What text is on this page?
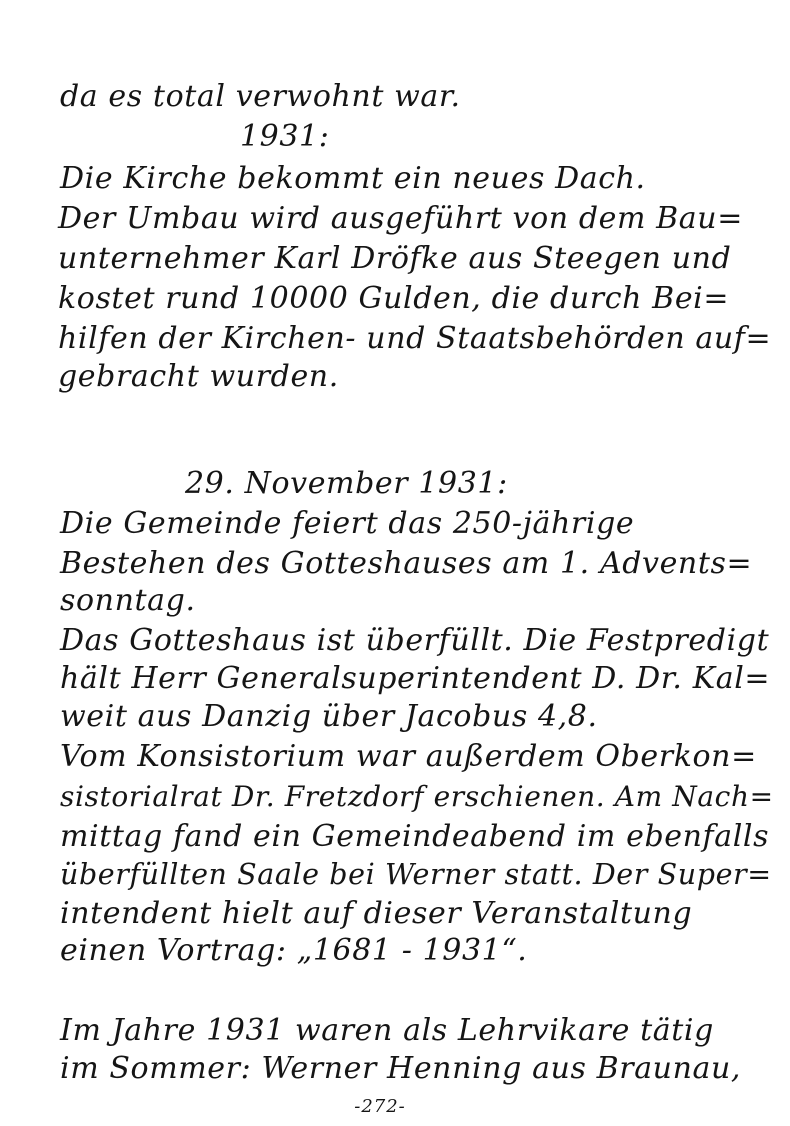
da es total verwohnt war.
1931:
Die Kirche bekommt ein neues Dach.
Der Umbau wird ausgeführt von dem Bau=
unternehmer Karl Dröfke aus Steegen und
kostet rund 10000 Gulden, die durch Bei=
hilfen der Kirchen- und Staatsbehörden auf=
gebracht wurden.
29. November 1931:
Die Gemeinde feiert das 250-jährige
Bestehen des Gotteshauses am 1. Advents=
sonntag.
Das Gotteshaus ist überfüllt. Die Festpredigt
hält Herr Generalsuperintendent D. Dr. Kal=
weit aus Danzig über Jacobus 4,8.
Vom Konsistorium war außerdem Oberkon=
sistorialrat Dr. Fretzdorf erschienen. Am Nach=
mittag fand ein Gemeindeabend im ebenfalls
überfüllten Saale bei Werner statt. Der Super=
intendent hielt auf dieser Veranstaltung
einen Vortrag: „1681 - 1931“.
Im Jahre 1931 waren als Lehrvikare tätig
im Sommer: Werner Henning aus Braunau,
-272-
